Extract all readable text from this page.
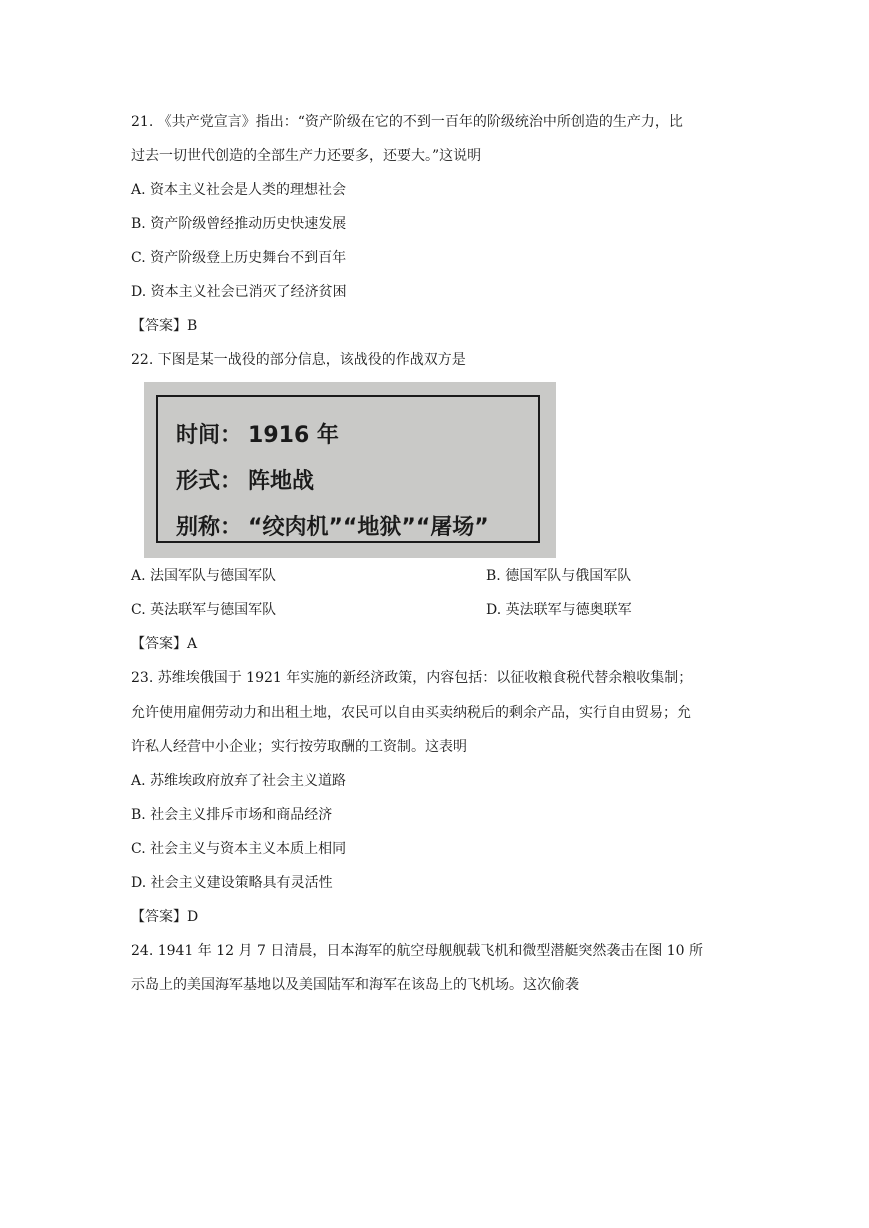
21. 《共产党宣言》指出：“资产阶级在它的不到一百年的阶级统治中所创造的生产力，比
过去一切世代创造的全部生产力还要多，还要大。”这说明
A. 资本主义社会是人类的理想社会
B. 资产阶级曾经推动历史快速发展
C. 资产阶级登上历史舞台不到百年
D. 资本主义社会已消灭了经济贫困
【答案】B
22. 下图是某一战役的部分信息，该战役的作战双方是
时间： 1916 年
形式： 阵地战
别称： “绞肉机”“地狱”“屠场”
A. 法国军队与德国军队	B. 德国军队与俄国军队
C. 英法联军与德国军队	D. 英法联军与德奥联军
【答案】A
23. 苏维埃俄国于 1921 年实施的新经济政策，内容包括：以征收粮食税代替余粮收集制；
允许使用雇佣劳动力和出租土地，农民可以自由买卖纳税后的剩余产品，实行自由贸易；允
许私人经营中小企业；实行按劳取酬的工资制。这表明
A. 苏维埃政府放弃了社会主义道路
B. 社会主义排斥市场和商品经济
C. 社会主义与资本主义本质上相同
D. 社会主义建设策略具有灵活性
【答案】D
24. 1941 年 12 月 7 日清晨，日本海军的航空母舰舰载飞机和微型潜艇突然袭击在图 10 所
示岛上的美国海军基地以及美国陆军和海军在该岛上的飞机场。这次偷袭
